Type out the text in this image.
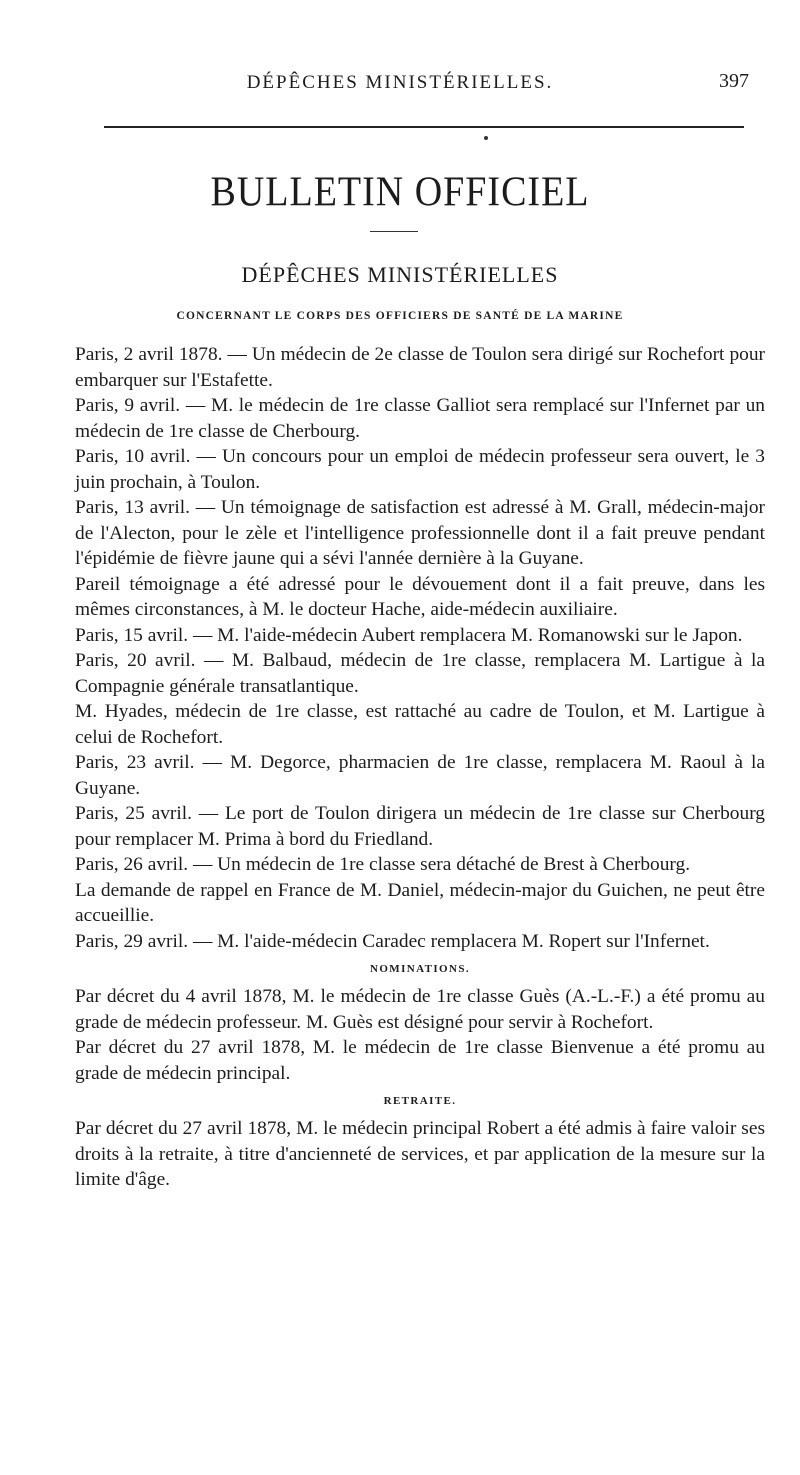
DÉPÊCHES MINISTÉRIELLES.	397
BULLETIN OFFICIEL
DÉPÊCHES MINISTÉRIELLES
CONCERNANT LE CORPS DES OFFICIERS DE SANTÉ DE LA MARINE

Paris, 2 avril 1878. — Un médecin de 2e classe de Toulon sera dirigé sur Rochefort pour embarquer sur l'Estafette.

Paris, 9 avril. — M. le médecin de 1re classe Galliot sera remplacé sur l'Infernet par un médecin de 1re classe de Cherbourg.

Paris, 10 avril. — Un concours pour un emploi de médecin professeur sera ouvert, le 3 juin prochain, à Toulon.

Paris, 13 avril. — Un témoignage de satisfaction est adressé à M. Grall, médecin-major de l'Alecton, pour le zèle et l'intelligence professionnelle dont il a fait preuve pendant l'épidémie de fièvre jaune qui a sévi l'année dernière à la Guyane.

Pareil témoignage a été adressé pour le dévouement dont il a fait preuve, dans les mêmes circonstances, à M. le docteur Hache, aide-médecin auxiliaire.

Paris, 15 avril. — M. l'aide-médecin Aubert remplacera M. Romanowski sur le Japon.

Paris, 20 avril. — M. Balbaud, médecin de 1re classe, remplacera M. Lartigue à la Compagnie générale transatlantique.

M. Hyades, médecin de 1re classe, est rattaché au cadre de Toulon, et M. Lartigue à celui de Rochefort.

Paris, 23 avril. — M. Degorce, pharmacien de 1re classe, remplacera M. Raoul à la Guyane.

Paris, 25 avril. — Le port de Toulon dirigera un médecin de 1re classe sur Cherbourg pour remplacer M. Prima à bord du Friedland.

Paris, 26 avril. — Un médecin de 1re classe sera détaché de Brest à Cherbourg.

La demande de rappel en France de M. Daniel, médecin-major du Guichen, ne peut être accueillie.

Paris, 29 avril. — M. l'aide-médecin Caradec remplacera M. Ropert sur l'Infernet.

NOMINATIONS.

Par décret du 4 avril 1878, M. le médecin de 1re classe Guès (A.-L.-F.) a été promu au grade de médecin professeur. M. Guès est désigné pour servir à Rochefort.

Par décret du 27 avril 1878, M. le médecin de 1re classe Bienvenue a été promu au grade de médecin principal.

RETRAITE.

Par décret du 27 avril 1878, M. le médecin principal Robert a été admis à faire valoir ses droits à la retraite, à titre d'ancienneté de services, et par application de la mesure sur la limite d'âge.
